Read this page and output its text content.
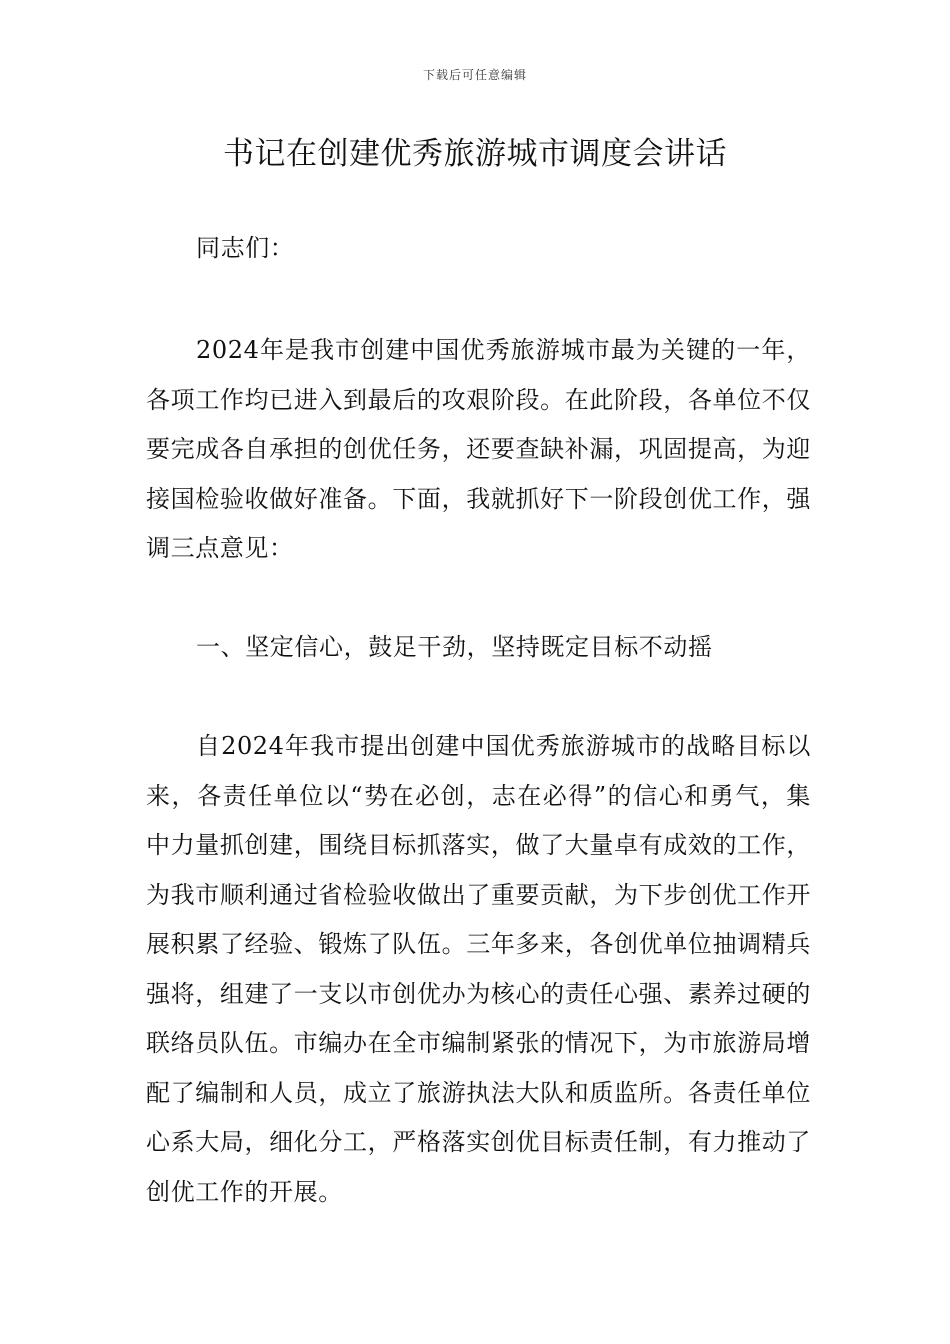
下载后可任意编辑
书记在创建优秀旅游城市调度会讲话

同志们：

2024年是我市创建中国优秀旅游城市最为关键的一年，各项工作均已进入到最后的攻艰阶段。在此阶段，各单位不仅要完成各自承担的创优任务，还要查缺补漏，巩固提高，为迎接国检验收做好准备。下面，我就抓好下一阶段创优工作，强调三点意见：

一、坚定信心，鼓足干劲，坚持既定目标不动摇

自2024年我市提出创建中国优秀旅游城市的战略目标以来，各责任单位以“势在必创，志在必得”的信心和勇气，集中力量抓创建，围绕目标抓落实，做了大量卓有成效的工作，为我市顺利通过省检验收做出了重要贡献，为下步创优工作开展积累了经验、锻炼了队伍。三年多来，各创优单位抽调精兵强将，组建了一支以市创优办为核心的责任心强、素养过硬的联络员队伍。市编办在全市编制紧张的情况下，为市旅游局增配了编制和人员，成立了旅游执法大队和质监所。各责任单位心系大局，细化分工，严格落实创优目标责任制，有力推动了创优工作的开展。
